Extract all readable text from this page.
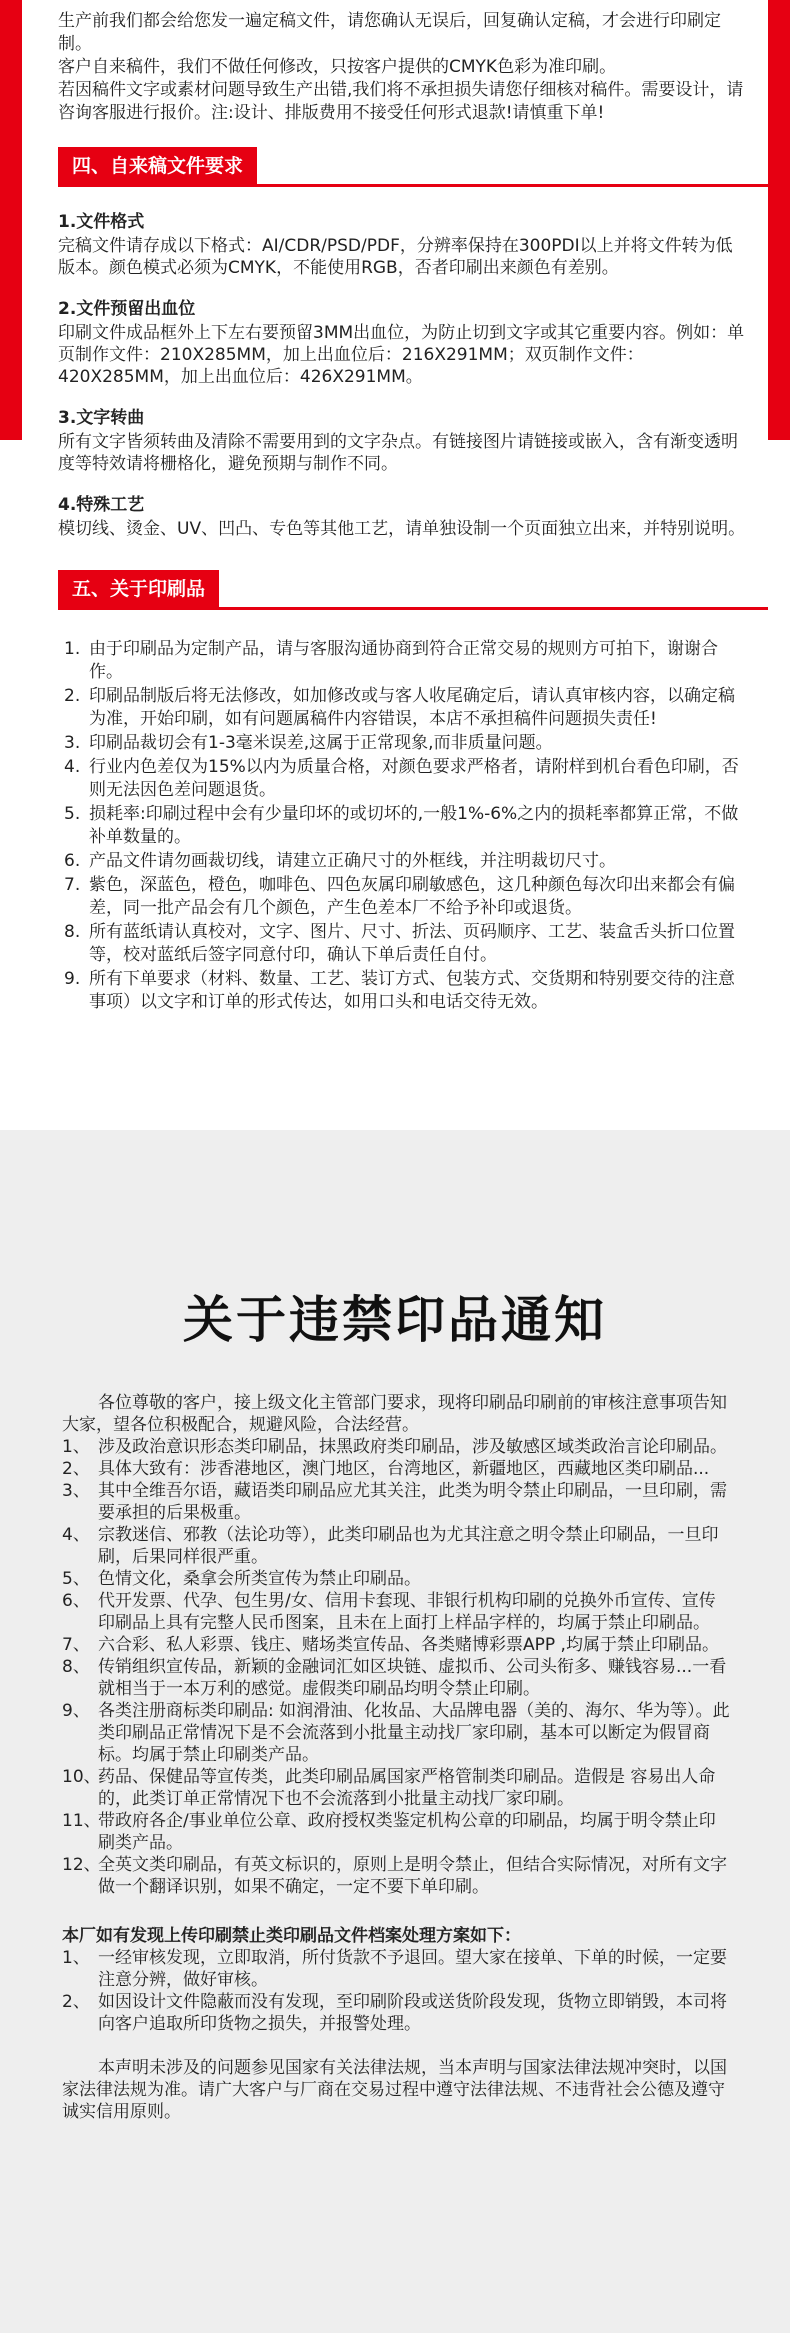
生产前我们都会给您发一遍定稿文件，请您确认无误后，回复确认定稿，才会进行印刷定制。

客户自来稿件，我们不做任何修改，只按客户提供的CMYK色彩为准印刷。

若因稿件文字或素材问题导致生产出错,我们将不承担损失请您仔细核对稿件。需要设计，请咨询客服进行报价。注:设计、排版费用不接受任何形式退款!请慎重下单!

四、自来稿文件要求
1.文件格式
完稿文件请存成以下格式：AI/CDR/PSD/PDF，分辨率保持在300PDI以上并将文件转为低版本。颜色模式必须为CMYK，不能使用RGB，否者印刷出来颜色有差别。
2.文件预留出血位
印刷文件成品框外上下左右要预留3MM出血位，为防止切到文字或其它重要内容。例如：单页制作文件：210X285MM，加上出血位后：216X291MM；双页制作文件：420X285MM，加上出血位后：426X291MM。
3.文字转曲
所有文字皆须转曲及清除不需要用到的文字杂点。有链接图片请链接或嵌入，含有渐变透明度等特效请将栅格化，避免预期与制作不同。
4.特殊工艺
模切线、烫金、UV、凹凸、专色等其他工艺，请单独设制一个页面独立出来，并特别说明。
五、关于印刷品
1. 由于印刷品为定制产品，请与客服沟通协商到符合正常交易的规则方可拍下，谢谢合作。
2. 印刷品制版后将无法修改，如加修改或与客人收尾确定后，请认真审核内容，以确定稿为准，开始印刷，如有问题属稿件内容错误，本店不承担稿件问题损失责任!
3. 印刷品裁切会有1-3毫米误差,这属于正常现象,而非质量问题。
4. 行业内色差仅为15%以内为质量合格，对颜色要求严格者，请附样到机台看色印刷，否则无法因色差问题退货。
5. 损耗率:印刷过程中会有少量印坏的或切坏的,一般1%-6%之内的损耗率都算正常，不做补单数量的。
6. 产品文件请勿画裁切线，请建立正确尺寸的外框线，并注明裁切尺寸。
7. 紫色，深蓝色，橙色，咖啡色、四色灰属印刷敏感色，这几种颜色每次印出来都会有偏差，同一批产品会有几个颜色，产生色差本厂不给予补印或退货。
8. 所有蓝纸请认真校对，文字、图片、尺寸、折法、页码顺序、工艺、装盒舌头折口位置等，校对蓝纸后签字同意付印，确认下单后责任自付。
9. 所有下单要求（材料、数量、工艺、装订方式、包装方式、交货期和特别要交待的注意事项）以文字和订单的形式传达，如用口头和电话交待无效。
关于违禁印品通知
各位尊敬的客户，接上级文化主管部门要求，现将印刷品印刷前的审核注意事项告知大家，望各位积极配合，规避风险，合法经营。
1、 涉及政治意识形态类印刷品，抹黑政府类印刷品，涉及敏感区域类政治言论印刷品。
2、 具体大致有：涉香港地区，澳门地区，台湾地区，新疆地区，西藏地区类印刷品...
3、 其中全维吾尔语，藏语类印刷品应尤其关注，此类为明令禁止印刷品，一旦印刷，需要承担的后果极重。
4、 宗教迷信、邪教（法论功等），此类印刷品也为尤其注意之明令禁止印刷品，一旦印刷，后果同样很严重。
5、 色情文化，桑拿会所类宣传为禁止印刷品。
6、 代开发票、代孕、包生男/女、信用卡套现、非银行机构印刷的兑换外币宣传、宣传印刷品上具有完整人民币图案，且未在上面打上样品字样的，均属于禁止印刷品。
7、 六合彩、私人彩票、钱庄、赌场类宣传品、各类赌博彩票APP ,均属于禁止印刷品。
8、 传销组织宣传品，新颖的金融词汇如区块链、虚拟币、公司头衔多、赚钱容易...一看就相当于一本万利的感觉。虚假类印刷品均明令禁止印刷。
9、 各类注册商标类印刷品: 如润滑油、化妆品、大品牌电器（美的、海尔、华为等）。此类印刷品正常情况下是不会流落到小批量主动找厂家印刷，基本可以断定为假冒商标。均属于禁止印刷类产品。
10、
药品、保健品等宣传类，此类印刷品属国家严格管制类印刷品。造假是 容易出人命的，此类订单正常情况下也不会流落到小批量主动找厂家印刷。
11、
带政府各企/事业单位公章、政府授权类鉴定机构公章的印刷品，均属于明令禁止印刷类产品。
12、
全英文类印刷品，有英文标识的，原则上是明令禁止，但结合实际情况，对所有文字做一个翻译识别，如果不确定，一定不要下单印刷。
本厂如有发现上传印刷禁止类印刷品文件档案处理方案如下：
1、 一经审核发现，立即取消，所付货款不予退回。望大家在接单、下单的时候，一定要注意分辨，做好审核。
2、 如因设计文件隐蔽而没有发现，至印刷阶段或送货阶段发现，货物立即销毁，本司将向客户追取所印货物之损失，并报警处理。
本声明未涉及的问题参见国家有关法律法规，当本声明与国家法律法规冲突时，以国家法律法规为准。请广大客户与厂商在交易过程中遵守法律法规、不违背社会公德及遵守诚实信用原则。
